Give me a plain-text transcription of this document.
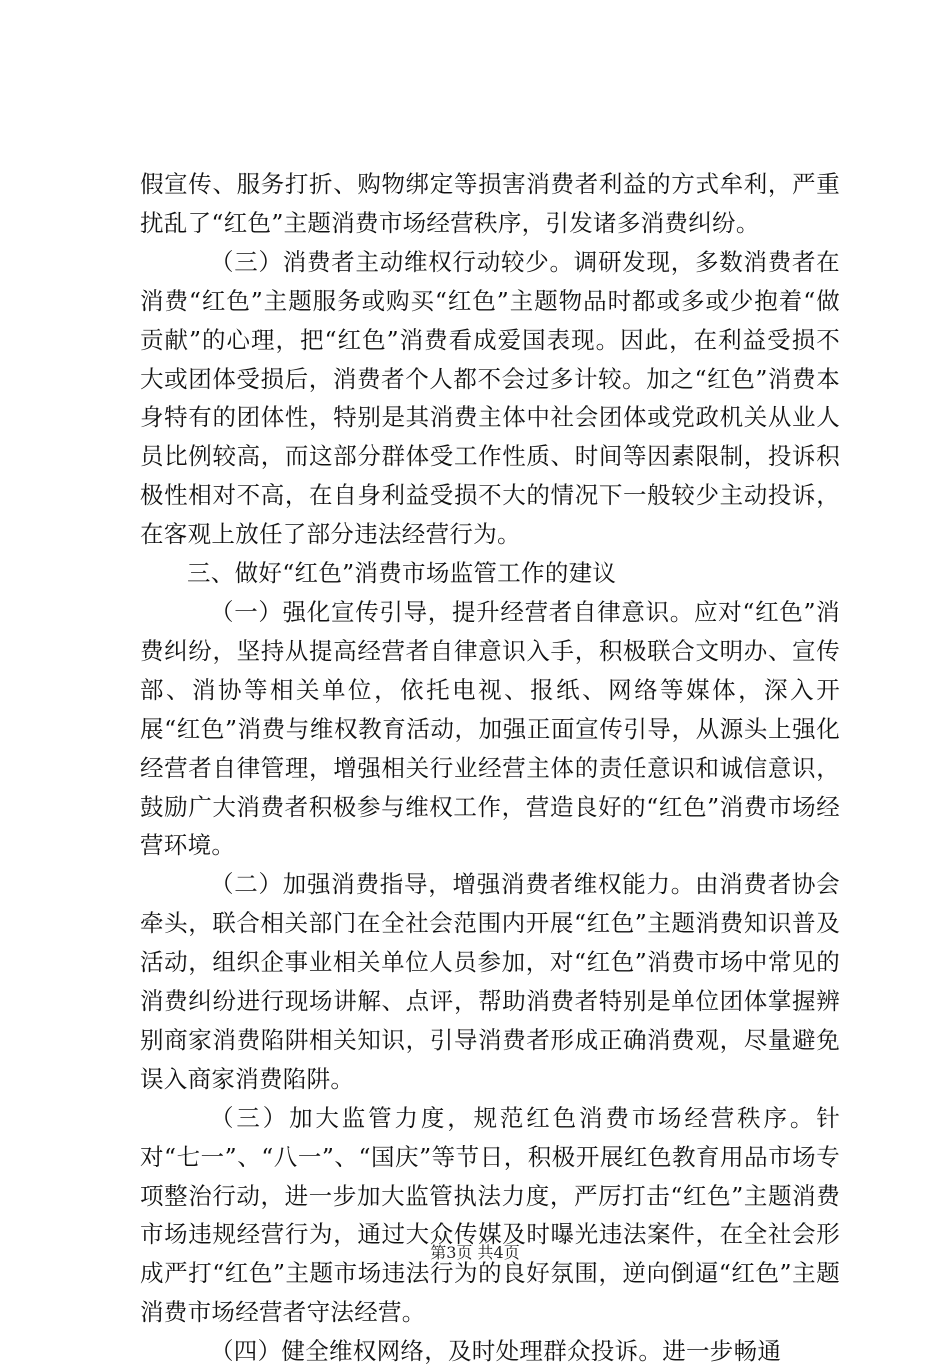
假宣传、服务打折、购物绑定等损害消费者利益的方式牟利，严重扰乱了“红色”主题消费市场经营秩序，引发诸多消费纠纷。

（三）消费者主动维权行动较少。调研发现，多数消费者在消费“红色”主题服务或购买“红色”主题物品时都或多或少抱着“做贡献”的心理，把“红色”消费看成爱国表现。因此，在利益受损不大或团体受损后，消费者个人都不会过多计较。加之“红色”消费本身特有的团体性，特别是其消费主体中社会团体或党政机关从业人员比例较高，而这部分群体受工作性质、时间等因素限制，投诉积极性相对不高，在自身利益受损不大的情况下一般较少主动投诉，在客观上放任了部分违法经营行为。

三、做好“红色”消费市场监管工作的建议

（一）强化宣传引导，提升经营者自律意识。应对“红色”消费纠纷，坚持从提高经营者自律意识入手，积极联合文明办、宣传部、消协等相关单位，依托电视、报纸、网络等媒体，深入开展“红色”消费与维权教育活动，加强正面宣传引导，从源头上强化经营者自律管理，增强相关行业经营主体的责任意识和诚信意识，鼓励广大消费者积极参与维权工作，营造良好的“红色”消费市场经营环境。

（二）加强消费指导，增强消费者维权能力。由消费者协会牵头，联合相关部门在全社会范围内开展“红色”主题消费知识普及活动，组织企事业相关单位人员参加，对“红色”消费市场中常见的消费纠纷进行现场讲解、点评，帮助消费者特别是单位团体掌握辨别商家消费陷阱相关知识，引导消费者形成正确消费观，尽量避免误入商家消费陷阱。

（三）加大监管力度，规范红色消费市场经营秩序。针对“七一”、“八一”、“国庆”等节日，积极开展红色教育用品市场专项整治行动，进一步加大监管执法力度，严厉打击“红色”主题消费市场违规经营行为，通过大众传媒及时曝光违法案件，在全社会形成严打“红色”主题市场违法行为的良好氛围，逆向倒逼“红色”主题消费市场经营者守法经营。

（四）健全维权网络，及时处理群众投诉。进一步畅通

第3页 共4页
